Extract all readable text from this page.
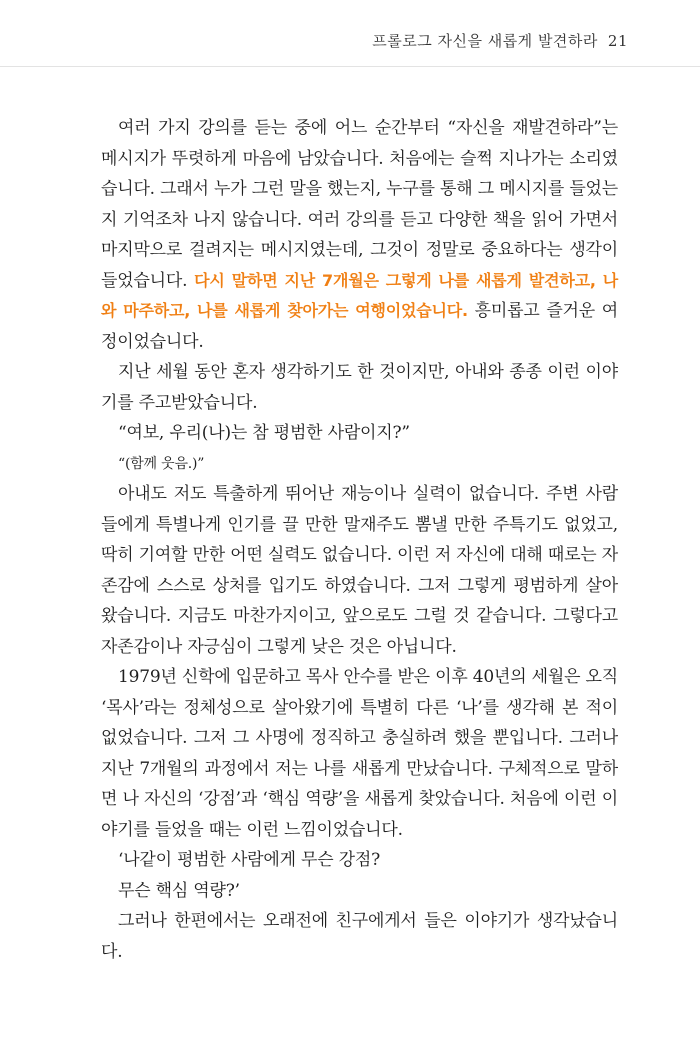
프롤로그 자신을 새롭게 발견하라 21

여러 가지 강의를 듣는 중에 어느 순간부터 “자신을 재발견하라”는 메시지가 뚜렷하게 마음에 남았습니다. 처음에는 슬쩍 지나가는 소리였습니다. 그래서 누가 그런 말을 했는지, 누구를 통해 그 메시지를 들었는지 기억조차 나지 않습니다. 여러 강의를 듣고 다양한 책을 읽어 가면서 마지막으로 걸려지는 메시지였는데, 그것이 정말로 중요하다는 생각이 들었습니다. 다시 말하면 지난 7개월은 그렇게 나를 새롭게 발견하고, 나와 마주하고, 나를 새롭게 찾아가는 여행이었습니다. 흥미롭고 즐거운 여정이었습니다.

지난 세월 동안 혼자 생각하기도 한 것이지만, 아내와 종종 이런 이야기를 주고받았습니다.

“여보, 우리(나)는 참 평범한 사람이지?”

“(함께 웃음.)”

아내도 저도 특출하게 뛰어난 재능이나 실력이 없습니다. 주변 사람들에게 특별나게 인기를 끌 만한 말재주도 뽐낼 만한 주특기도 없었고, 딱히 기여할 만한 어떤 실력도 없습니다. 이런 저 자신에 대해 때로는 자존감에 스스로 상처를 입기도 하였습니다. 그저 그렇게 평범하게 살아왔습니다. 지금도 마찬가지이고, 앞으로도 그럴 것 같습니다. 그렇다고 자존감이나 자긍심이 그렇게 낮은 것은 아닙니다.

1979년 신학에 입문하고 목사 안수를 받은 이후 40년의 세월은 오직 ‘목사’라는 정체성으로 살아왔기에 특별히 다른 ‘나’를 생각해 본 적이 없었습니다. 그저 그 사명에 정직하고 충실하려 했을 뿐입니다. 그러나 지난 7개월의 과정에서 저는 나를 새롭게 만났습니다. 구체적으로 말하면 나 자신의 ‘강점’과 ‘핵심 역량’을 새롭게 찾았습니다. 처음에 이런 이야기를 들었을 때는 이런 느낌이었습니다.

‘나같이 평범한 사람에게 무슨 강점?

무슨 핵심 역량?’

그러나 한편에서는 오래전에 친구에게서 들은 이야기가 생각났습니다.
